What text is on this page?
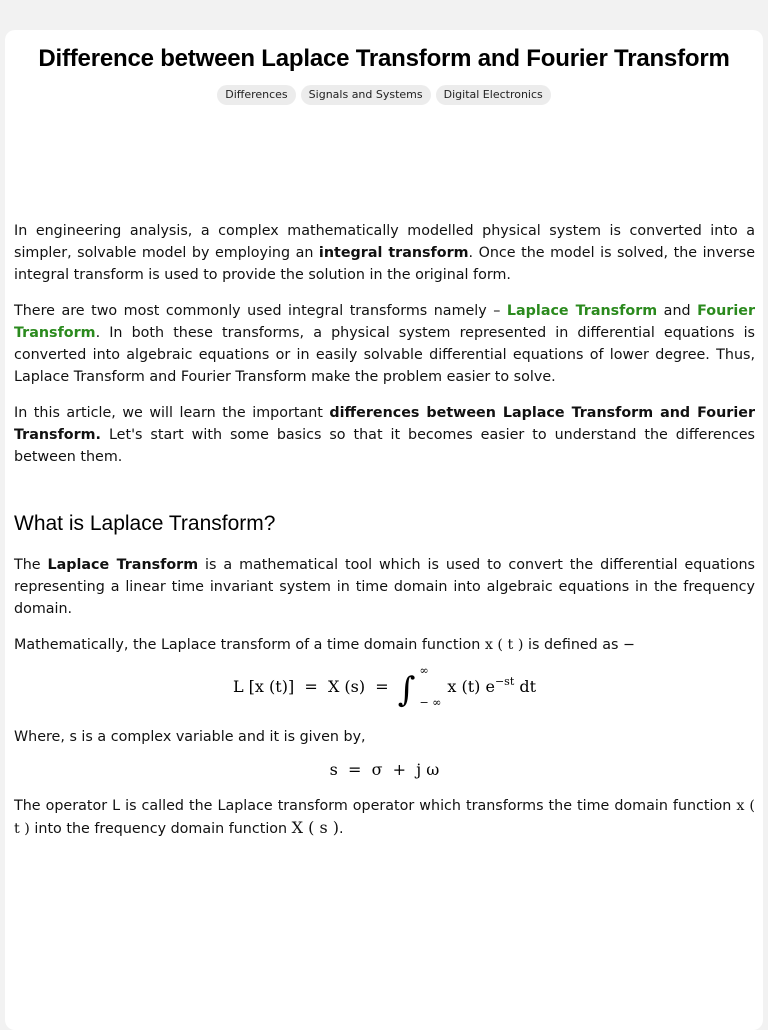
Difference between Laplace Transform and Fourier Transform
Differences	Signals and Systems	Digital Electronics

In engineering analysis, a complex mathematically modelled physical system is converted into a simpler, solvable model by employing an integral transform. Once the model is solved, the inverse integral transform is used to provide the solution in the original form.

There are two most commonly used integral transforms namely – Laplace Transform and Fourier Transform. In both these transforms, a physical system represented in differential equations is converted into algebraic equations or in easily solvable differential equations of lower degree. Thus, Laplace Transform and Fourier Transform make the problem easier to solve.

In this article, we will learn the important differences between Laplace Transform and Fourier Transform. Let's start with some basics so that it becomes easier to understand the differences between them.

What is Laplace Transform?

The Laplace Transform is a mathematical tool which is used to convert the differential equations representing a linear time invariant system in time domain into algebraic equations in the frequency domain.

Mathematically, the Laplace transform of a time domain function x ( t ) is defined as −

L [x (t)]  =  X (s)  = ∫ ∞
− ∞
x (t) $e^{-st}$ dt

Where, s is a complex variable and it is given by,

s  =  σ  +  j ω

The operator L is called the Laplace transform operator which transforms the time domain function x ( t ) into the frequency domain function X ( s ).
